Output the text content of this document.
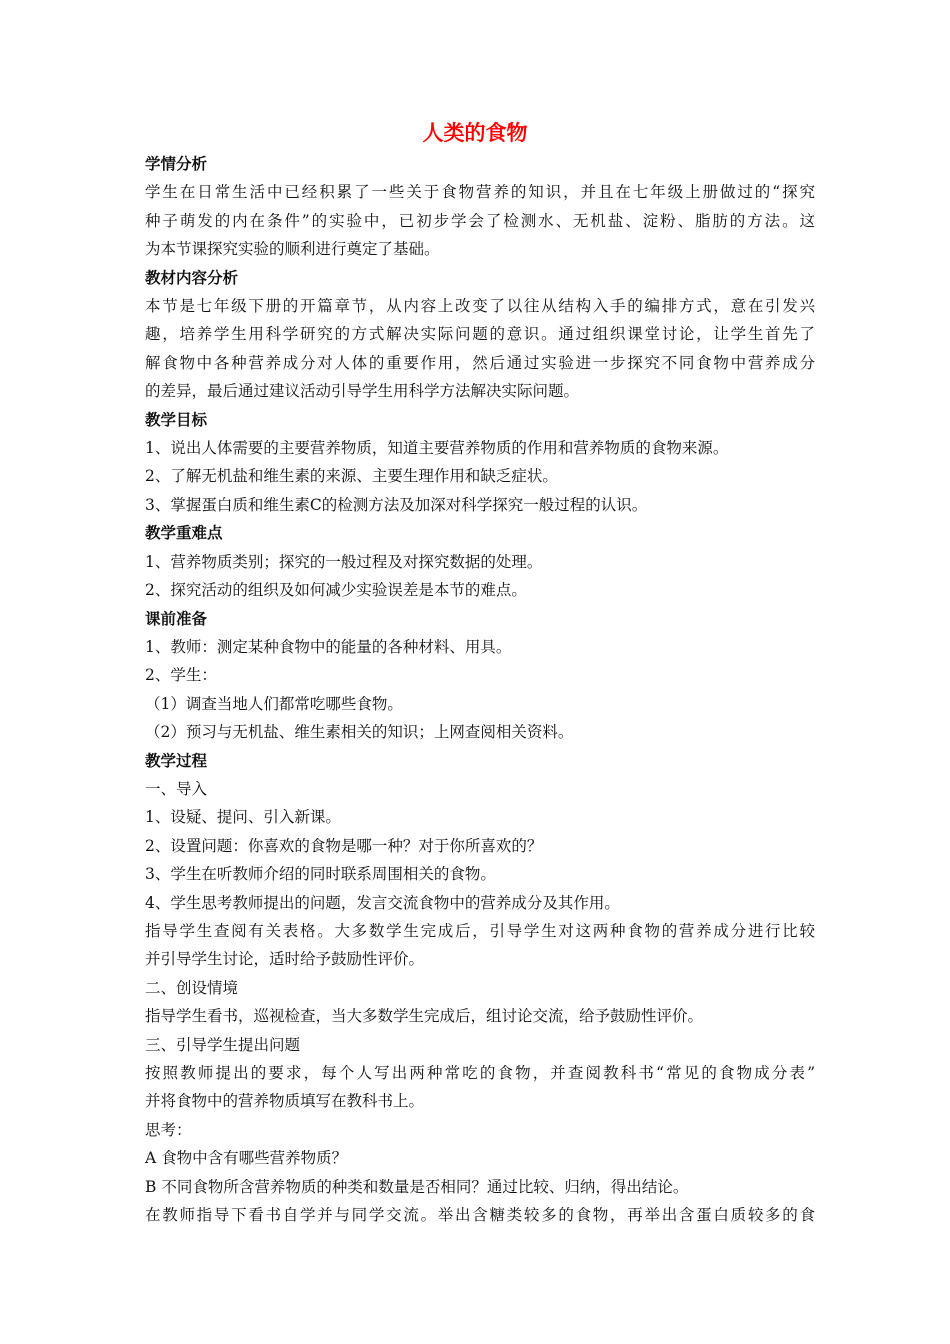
人类的食物
学情分析
学生在日常生活中已经积累了一些关于食物营养的知识，并且在七年级上册做过的“探究
种子萌发的内在条件”的实验中，已初步学会了检测水、无机盐、淀粉、脂肪的方法。这
为本节课探究实验的顺利进行奠定了基础。
教材内容分析
本节是七年级下册的开篇章节，从内容上改变了以往从结构入手的编排方式，意在引发兴
趣，培养学生用科学研究的方式解决实际问题的意识。通过组织课堂讨论，让学生首先了
解食物中各种营养成分对人体的重要作用，然后通过实验进一步探究不同食物中营养成分
的差异，最后通过建议活动引导学生用科学方法解决实际问题。
教学目标
1、说出人体需要的主要营养物质，知道主要营养物质的作用和营养物质的食物来源。
2、了解无机盐和维生素的来源、主要生理作用和缺乏症状。
3、掌握蛋白质和维生素C的检测方法及加深对科学探究一般过程的认识。
教学重难点
1、营养物质类别；探究的一般过程及对探究数据的处理。
2、探究活动的组织及如何减少实验误差是本节的难点。
课前准备
1、教师：测定某种食物中的能量的各种材料、用具。
2、学生：
（1）调查当地人们都常吃哪些食物。
（2）预习与无机盐、维生素相关的知识；上网查阅相关资料。
教学过程
一、导入
1、设疑、提问、引入新课。
2、设置问题：你喜欢的食物是哪一种？对于你所喜欢的？
3、学生在听教师介绍的同时联系周围相关的食物。
4、学生思考教师提出的问题，发言交流食物中的营养成分及其作用。
指导学生查阅有关表格。大多数学生完成后，引导学生对这两种食物的营养成分进行比较
并引导学生讨论，适时给予鼓励性评价。
二、创设情境
指导学生看书，巡视检查，当大多数学生完成后，组讨论交流，给予鼓励性评价。
三、引导学生提出问题
按照教师提出的要求，每个人写出两种常吃的食物，并查阅教科书“常见的食物成分表”
并将食物中的营养物质填写在教科书上。
思考：
A 食物中含有哪些营养物质？
B 不同食物所含营养物质的种类和数量是否相同？通过比较、归纳，得出结论。
在教师指导下看书自学并与同学交流。举出含糖类较多的食物，再举出含蛋白质较多的食
